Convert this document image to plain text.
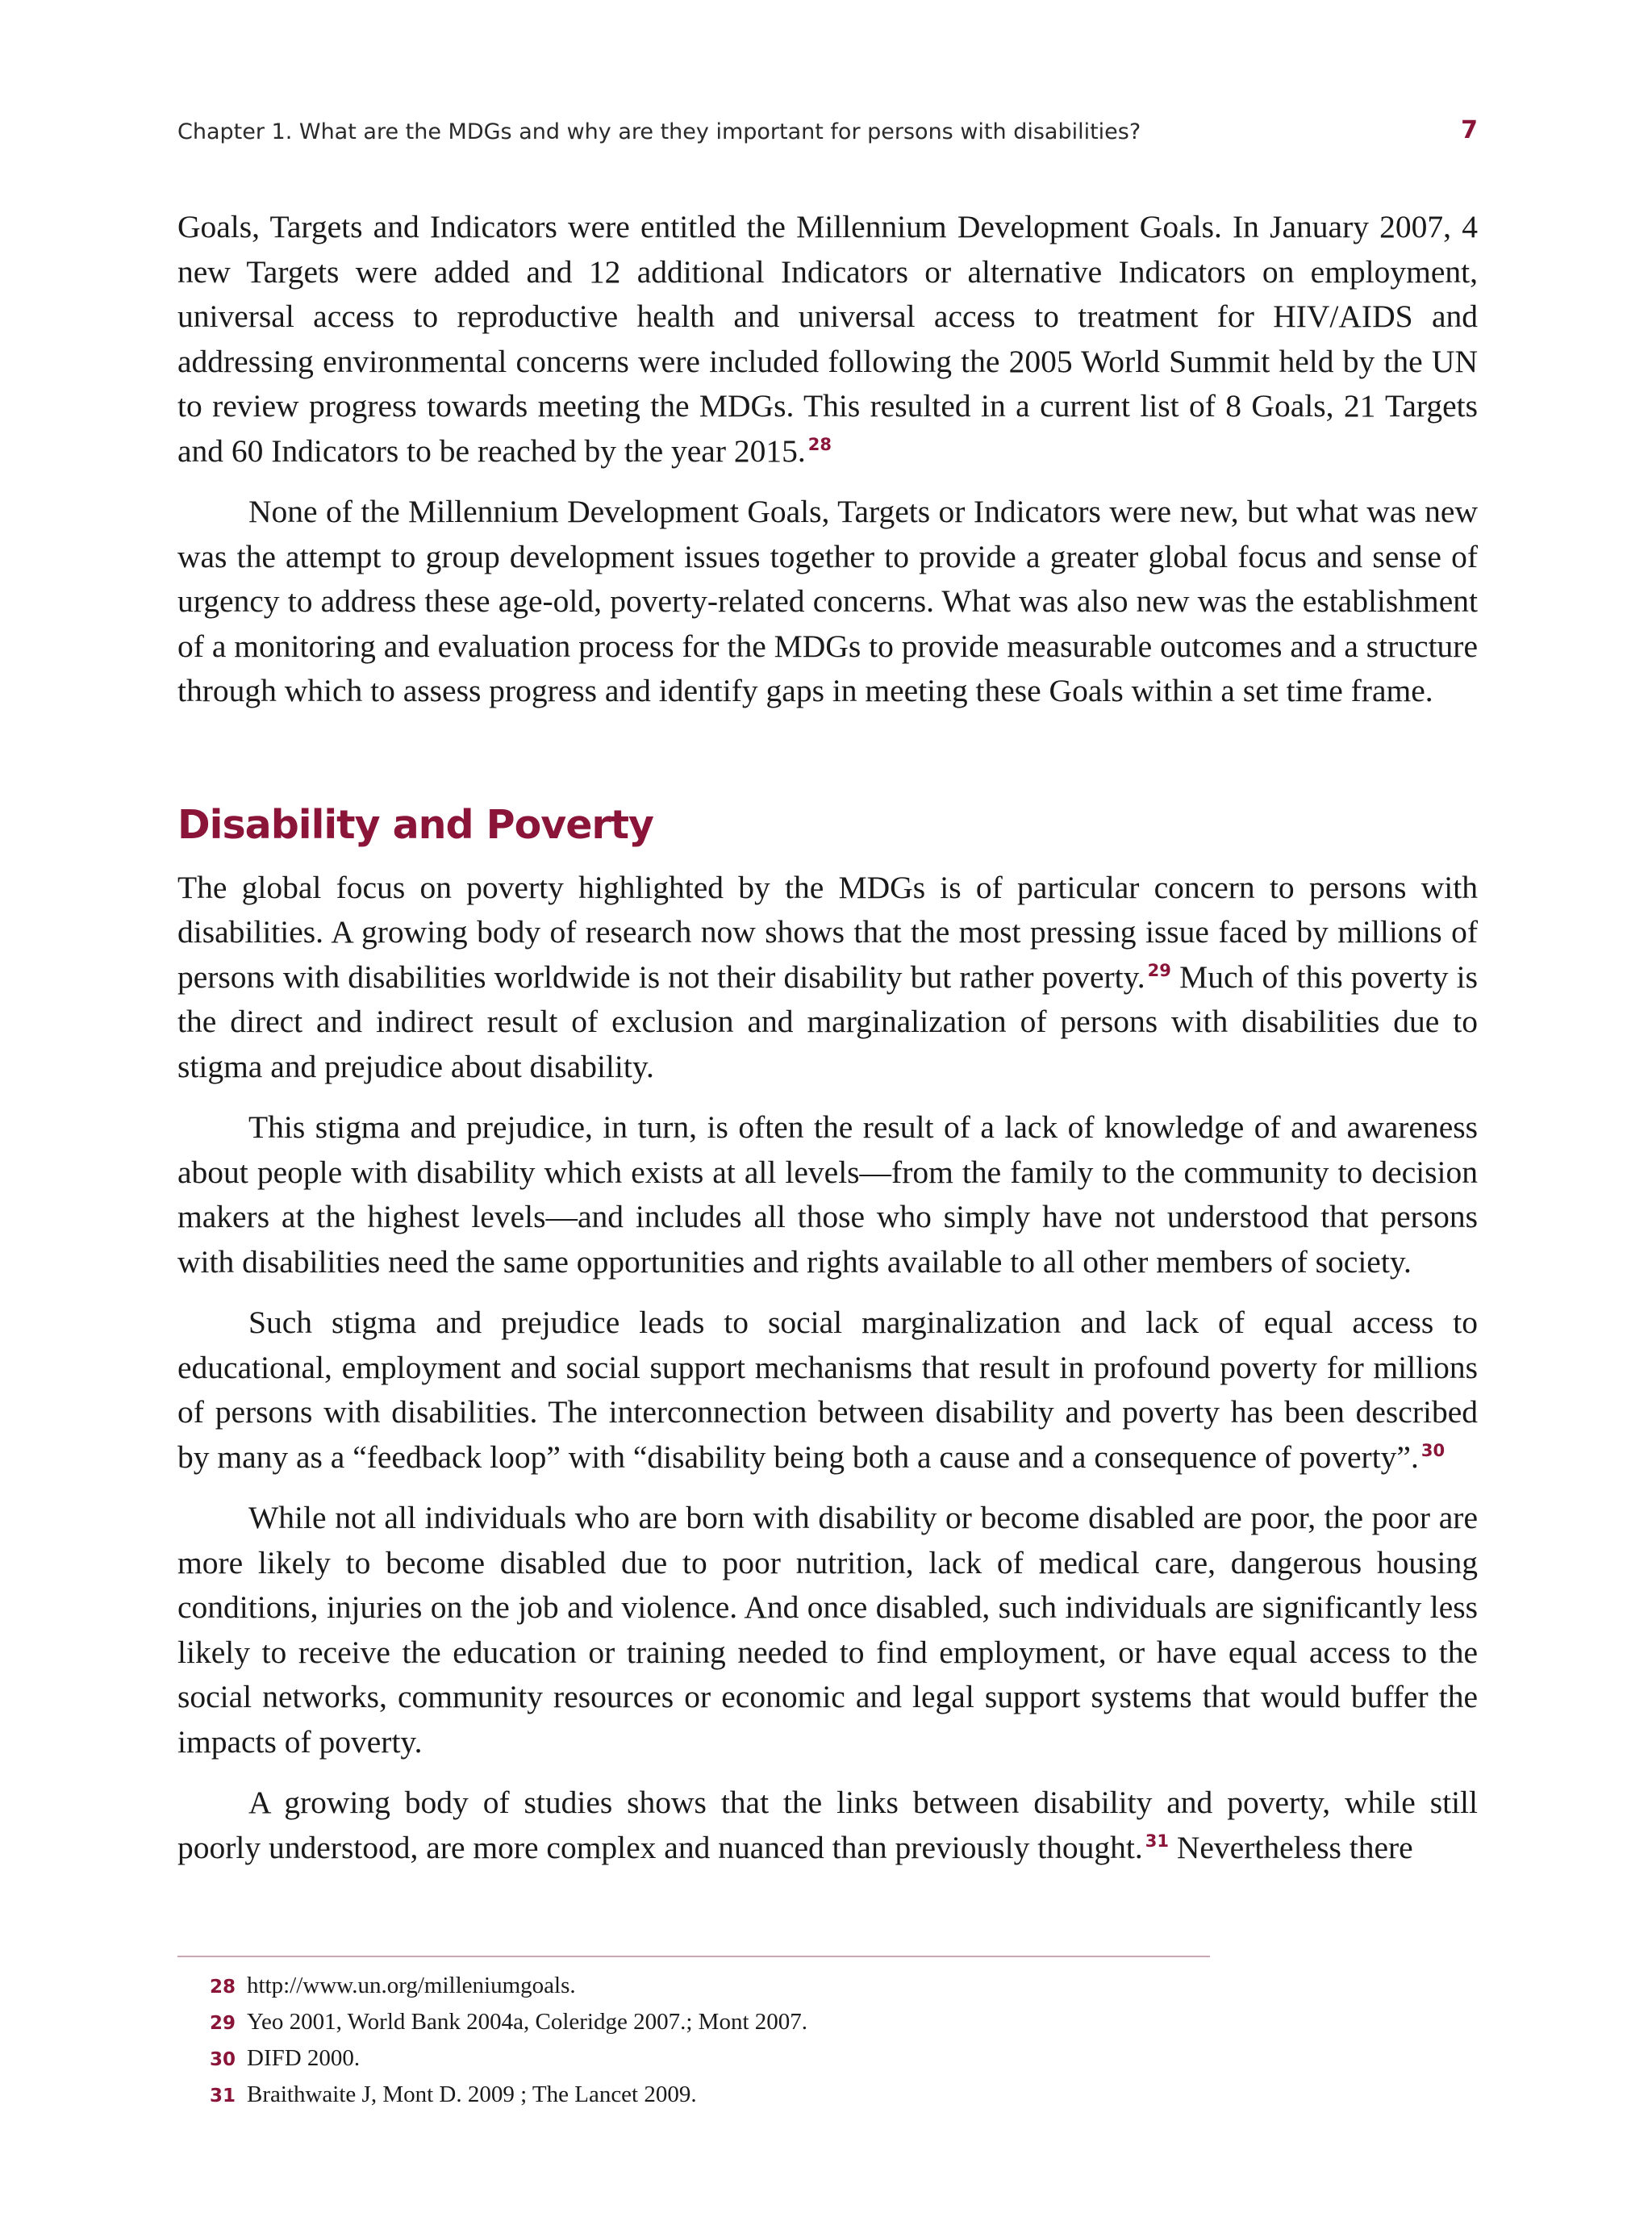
Chapter 1. What are the MDGs and why are they important for persons with disabilities?	7

Goals, Targets and Indicators were entitled the Millennium Development Goals. In January 2007, 4 new Targets were added and 12 additional Indicators or alternative Indicators on employment, universal access to reproductive health and universal access to treatment for HIV/AIDS and addressing environmental concerns were included following the 2005 World Summit held by the UN to review progress towards meeting the MDGs. This resulted in a current list of 8 Goals, 21 Targets and 60 Indicators to be reached by the year 2015. $^{28}$

None of the Millennium Development Goals, Targets or Indicators were new, but what was new was the attempt to group development issues together to provide a greater global focus and sense of urgency to address these age-old, poverty-related concerns. What was also new was the establishment of a monitoring and evaluation process for the MDGs to provide measurable outcomes and a structure through which to assess progress and identify gaps in meeting these Goals within a set time frame.

Disability and Poverty

The global focus on poverty highlighted by the MDGs is of particular concern to persons with disabilities. A growing body of research now shows that the most pressing issue faced by millions of persons with disabilities worldwide is not their disability but rather poverty. $^{29}$ Much of this poverty is the direct and indirect result of exclusion and marginalization of persons with disabilities due to stigma and prejudice about disability.

This stigma and prejudice, in turn, is often the result of a lack of knowledge of and awareness about people with disability which exists at all levels—from the family to the community to decision makers at the highest levels—and includes all those who simply have not understood that persons with disabilities need the same opportunities and rights available to all other members of society.

Such stigma and prejudice leads to social marginalization and lack of equal access to educational, employment and social support mechanisms that result in profound poverty for millions of persons with disabilities. The interconnection between disability and poverty has been described by many as a “feedback loop” with “disability being both a cause and a consequence of poverty”. $^{30}$

While not all individuals who are born with disability or become disabled are poor, the poor are more likely to become disabled due to poor nutrition, lack of medical care, dangerous housing conditions, injuries on the job and violence. And once disabled, such individuals are significantly less likely to receive the education or training needed to find employment, or have equal access to the social networks, community resources or economic and legal support systems that would buffer the impacts of poverty.

A growing body of studies shows that the links between disability and poverty, while still poorly understood, are more complex and nuanced than previously thought. $^{31}$ Nevertheless there

28 http://www.un.org/milleniumgoals.
29 Yeo 2001, World Bank 2004a, Coleridge 2007.; Mont 2007.
30 DIFD 2000.
31 Braithwaite J, Mont D. 2009 ; The Lancet 2009.
